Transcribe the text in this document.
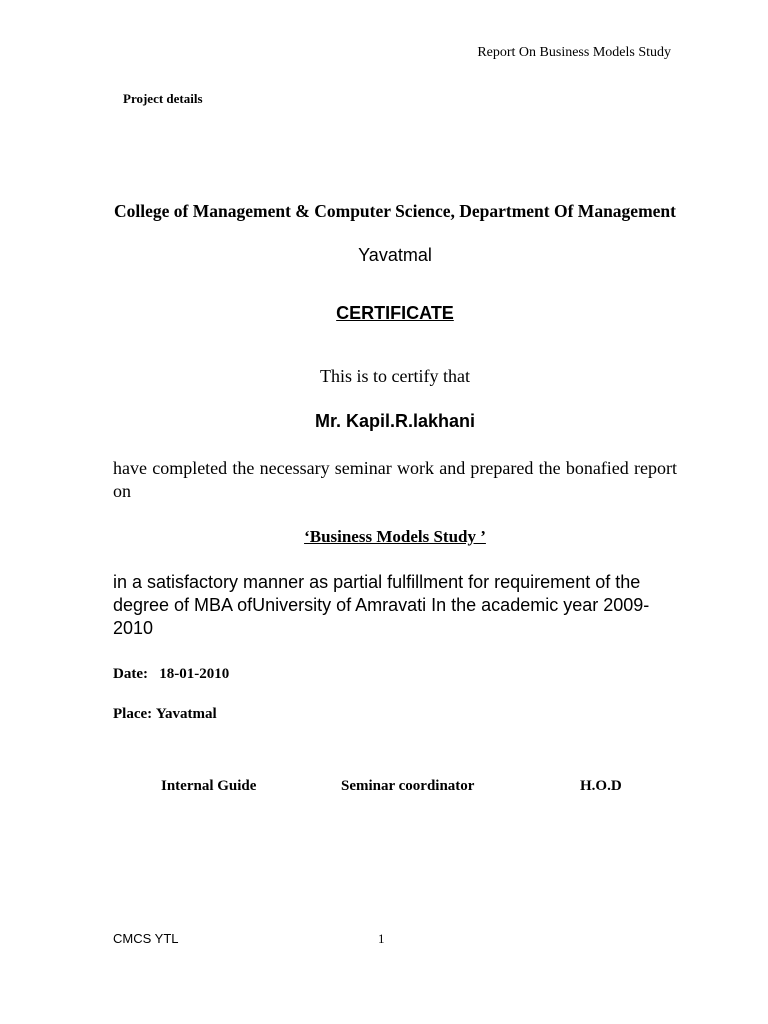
Report On Business Models Study
Project details
College of Management & Computer Science, Department Of Management
Yavatmal
CERTIFICATE
This is to certify that
Mr. Kapil.R.lakhani
have completed the necessary seminar work and prepared the bonafied report on
‘Business Models Study ’
in a satisfactory manner as partial fulfillment for requirement of the degree of MBA ofUniversity of Amravati In the academic year 2009-2010
Date: 18-01-2010
Place: Yavatmal
Internal Guide	Seminar coordinator	H.O.D
CMCS YTL	1
